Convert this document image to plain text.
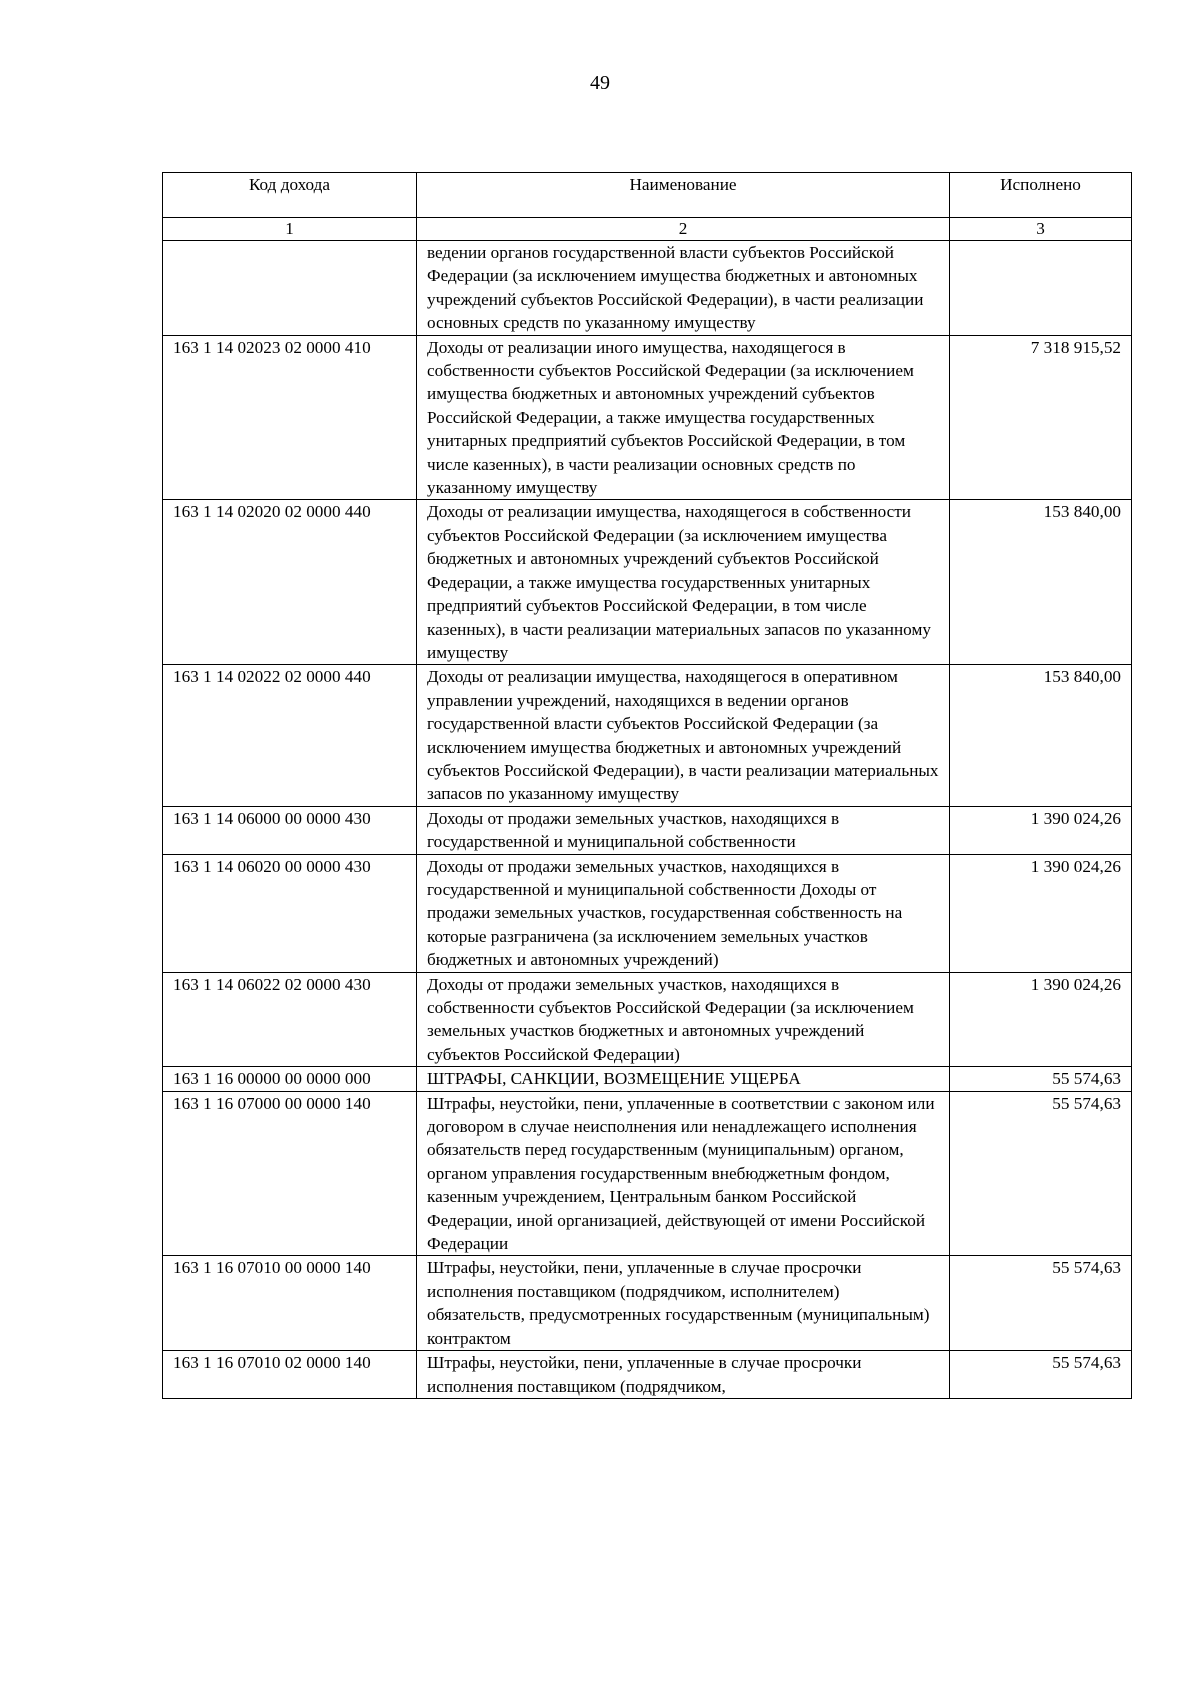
49
Код дохода	Наименование	Исполнено
1	2	3
	ведении органов государственной власти субъектов Российской Федерации (за исключением имущества бюджетных и автономных учреждений субъектов Российской Федерации), в части реализации основных средств по указанному имуществу	
163 1 14 02023 02 0000 410	Доходы от реализации иного имущества, находящегося в собственности субъектов Российской Федерации (за исключением имущества бюджетных и автономных учреждений субъектов Российской Федерации, а также имущества государственных унитарных предприятий субъектов Российской Федерации, в том числе казенных), в части реализации основных средств по указанному имуществу	7 318 915,52
163 1 14 02020 02 0000 440	Доходы от реализации имущества, находящегося в собственности субъектов Российской Федерации (за исключением имущества бюджетных и автономных учреждений субъектов Российской Федерации, а также имущества государственных унитарных предприятий субъектов Российской Федерации, в том числе казенных), в части реализации материальных запасов по указанному имуществу	153 840,00
163 1 14 02022 02 0000 440	Доходы от реализации имущества, находящегося в оперативном управлении учреждений, находящихся в ведении органов государственной власти субъектов Российской Федерации (за исключением имущества бюджетных и автономных учреждений субъектов Российской Федерации), в части реализации материальных запасов по указанному имуществу	153 840,00
163 1 14 06000 00 0000 430	Доходы от продажи земельных участков, находящихся в государственной и муниципальной собственности	1 390 024,26
163 1 14 06020 00 0000 430	Доходы от продажи земельных участков, находящихся в государственной и муниципальной собственности Доходы от продажи земельных участков, государственная собственность на которые разграничена (за исключением земельных участков бюджетных и автономных учреждений)	1 390 024,26
163 1 14 06022 02 0000 430	Доходы от продажи земельных участков, находящихся в собственности субъектов Российской Федерации (за исключением земельных участков бюджетных и автономных учреждений субъектов Российской Федерации)	1 390 024,26
163 1 16 00000 00 0000 000	ШТРАФЫ, САНКЦИИ, ВОЗМЕЩЕНИЕ УЩЕРБА	55 574,63
163 1 16 07000 00 0000 140	Штрафы, неустойки, пени, уплаченные в соответствии с законом или договором в случае неисполнения или ненадлежащего исполнения обязательств перед государственным (муниципальным) органом, органом управления государственным внебюджетным фондом, казенным учреждением, Центральным банком Российской Федерации, иной организацией, действующей от имени Российской Федерации	55 574,63
163 1 16 07010 00 0000 140	Штрафы, неустойки, пени, уплаченные в случае просрочки исполнения поставщиком (подрядчиком, исполнителем) обязательств, предусмотренных государственным (муниципальным) контрактом	55 574,63
163 1 16 07010 02 0000 140	Штрафы, неустойки, пени, уплаченные в случае просрочки исполнения поставщиком (подрядчиком,	55 574,63
